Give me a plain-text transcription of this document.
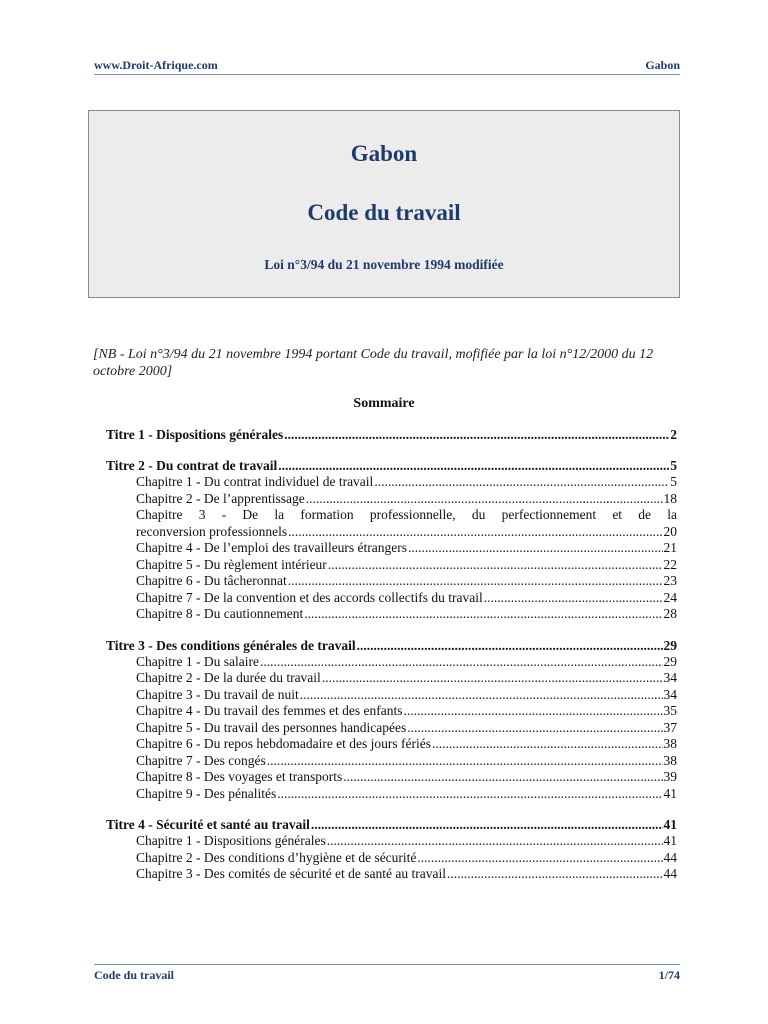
www.Droit-Afrique.com	Gabon
Gabon
Code du travail
Loi n°3/94 du 21 novembre 1994 modifiée
[NB - Loi n°3/94 du 21 novembre 1994 portant Code du travail, mofifiée par la loi n°12/2000 du 12 octobre 2000]
Sommaire
Titre 1 - Dispositions générales .....	2
Titre 2 - Du contrat de travail .....	5
Chapitre 1 - Du contrat individuel de travail .....	5
Chapitre 2 - De l’apprentissage .....	18
Chapitre 3 - De la formation professionnelle, du perfectionnement et de la
reconversion professionnels .....	20
Chapitre 4 - De l’emploi des travailleurs étrangers .....	21
Chapitre 5 - Du règlement intérieur .....	22
Chapitre 6 - Du tâcheronnat .....	23
Chapitre 7 - De la convention et des accords collectifs du travail .....	24
Chapitre 8 - Du cautionnement .....	28
Titre 3 - Des conditions générales de travail .....	29
Chapitre 1 - Du salaire .....	29
Chapitre 2 - De la durée du travail .....	34
Chapitre 3 - Du travail de nuit .....	34
Chapitre 4 - Du travail des femmes et des enfants .....	35
Chapitre 5 - Du travail des personnes handicapées .....	37
Chapitre 6 - Du repos hebdomadaire et des jours fériés .....	38
Chapitre 7 - Des congés .....	38
Chapitre 8 - Des voyages et transports .....	39
Chapitre 9 - Des pénalités .....	41
Titre 4 - Sécurité et santé au travail .....	41
Chapitre 1 - Dispositions générales .....	41
Chapitre 2 - Des conditions d’hygiène et de sécurité .....	44
Chapitre 3 - Des comités de sécurité et de santé au travail .....	44
Code du travail	1/74
